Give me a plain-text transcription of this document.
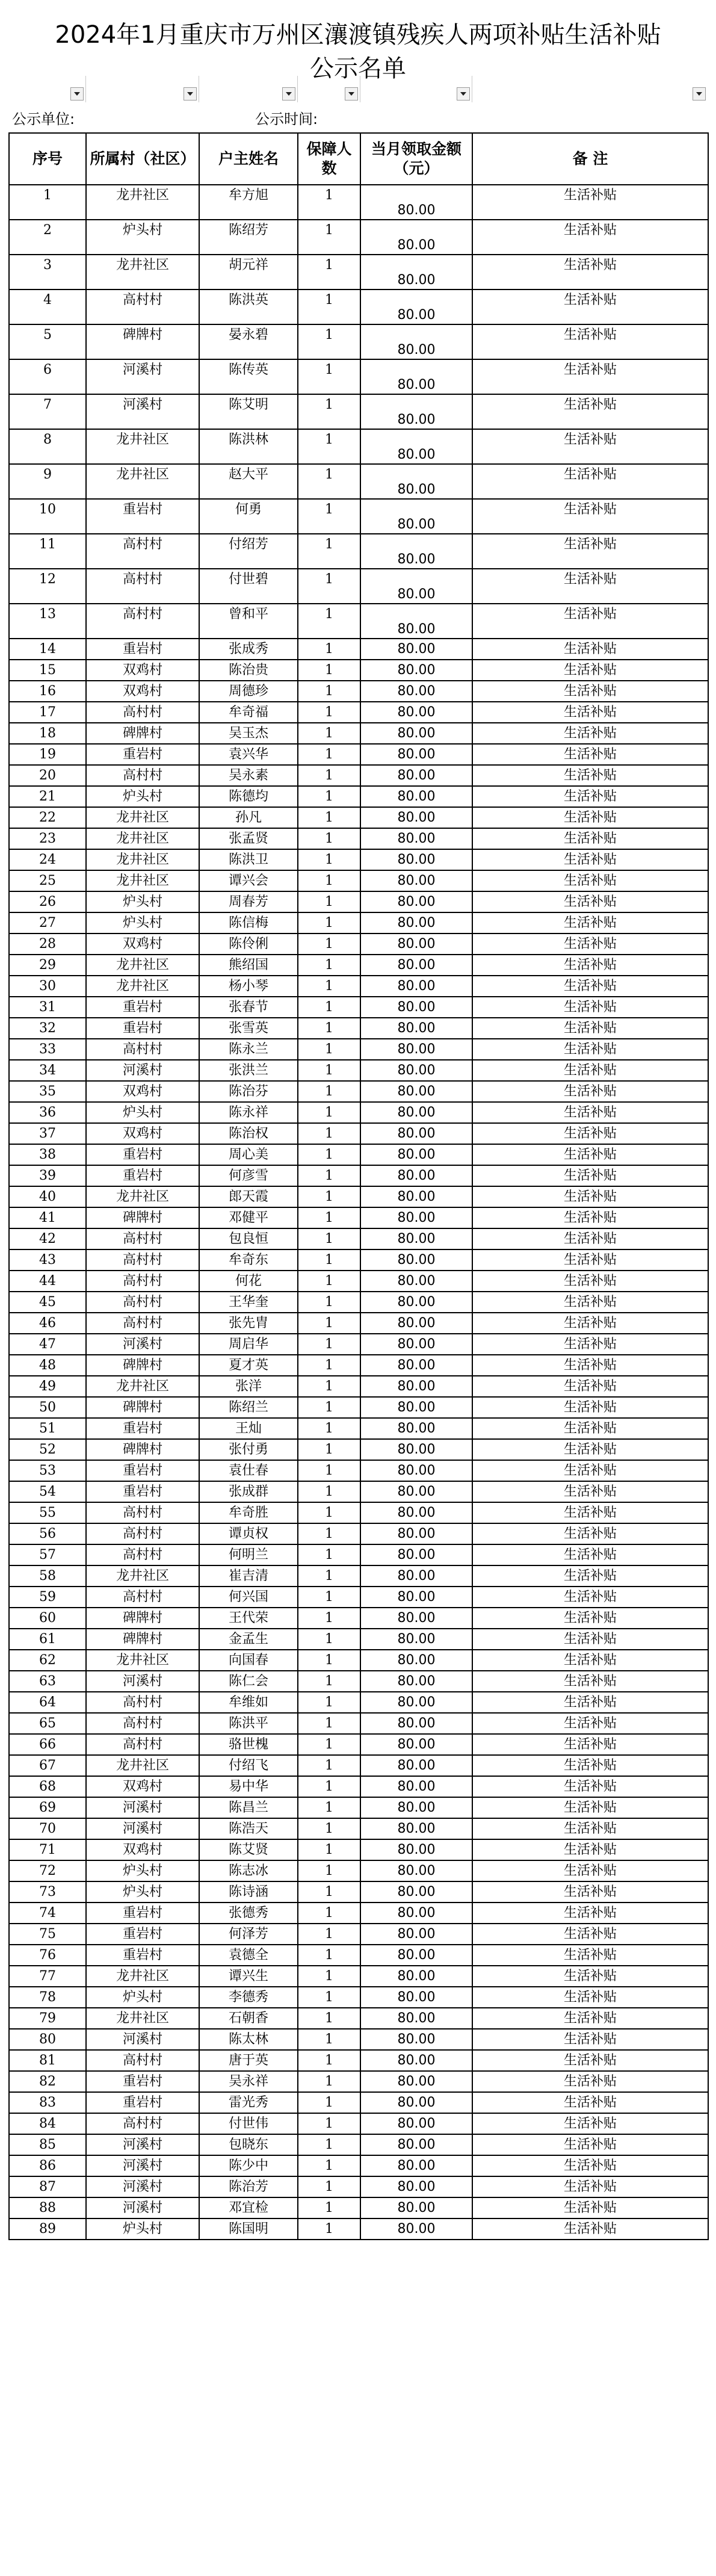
2024年1月重庆市万州区瀼渡镇残疾人两项补贴生活补贴
公示名单
公示单位:	公示时间:
序号	所属村（社区）	户主姓名	保障人数	当月领取金额（元）	备 注
1	龙井社区	牟方旭	1	80.00	生活补贴
2	炉头村	陈绍芳	1	80.00	生活补贴
3	龙井社区	胡元祥	1	80.00	生活补贴
4	高村村	陈洪英	1	80.00	生活补贴
5	碑牌村	晏永碧	1	80.00	生活补贴
6	河溪村	陈传英	1	80.00	生活补贴
7	河溪村	陈艾明	1	80.00	生活补贴
8	龙井社区	陈洪林	1	80.00	生活补贴
9	龙井社区	赵大平	1	80.00	生活补贴
10	重岩村	何勇	1	80.00	生活补贴
11	高村村	付绍芳	1	80.00	生活补贴
12	高村村	付世碧	1	80.00	生活补贴
13	高村村	曾和平	1	80.00	生活补贴
14	重岩村	张成秀	1	80.00	生活补贴
15	双鸡村	陈治贵	1	80.00	生活补贴
16	双鸡村	周德珍	1	80.00	生活补贴
17	高村村	牟奇福	1	80.00	生活补贴
18	碑牌村	吴玉杰	1	80.00	生活补贴
19	重岩村	袁兴华	1	80.00	生活补贴
20	高村村	吴永素	1	80.00	生活补贴
21	炉头村	陈德均	1	80.00	生活补贴
22	龙井社区	孙凡	1	80.00	生活补贴
23	龙井社区	张孟贤	1	80.00	生活补贴
24	龙井社区	陈洪卫	1	80.00	生活补贴
25	龙井社区	谭兴会	1	80.00	生活补贴
26	炉头村	周春芳	1	80.00	生活补贴
27	炉头村	陈信梅	1	80.00	生活补贴
28	双鸡村	陈伶俐	1	80.00	生活补贴
29	龙井社区	熊绍国	1	80.00	生活补贴
30	龙井社区	杨小琴	1	80.00	生活补贴
31	重岩村	张春节	1	80.00	生活补贴
32	重岩村	张雪英	1	80.00	生活补贴
33	高村村	陈永兰	1	80.00	生活补贴
34	河溪村	张洪兰	1	80.00	生活补贴
35	双鸡村	陈治芬	1	80.00	生活补贴
36	炉头村	陈永祥	1	80.00	生活补贴
37	双鸡村	陈治权	1	80.00	生活补贴
38	重岩村	周心美	1	80.00	生活补贴
39	重岩村	何彦雪	1	80.00	生活补贴
40	龙井社区	郎天霞	1	80.00	生活补贴
41	碑牌村	邓健平	1	80.00	生活补贴
42	高村村	包良恒	1	80.00	生活补贴
43	高村村	牟奇东	1	80.00	生活补贴
44	高村村	何花	1	80.00	生活补贴
45	高村村	王华奎	1	80.00	生活补贴
46	高村村	张先胄	1	80.00	生活补贴
47	河溪村	周启华	1	80.00	生活补贴
48	碑牌村	夏才英	1	80.00	生活补贴
49	龙井社区	张洋	1	80.00	生活补贴
50	碑牌村	陈绍兰	1	80.00	生活补贴
51	重岩村	王灿	1	80.00	生活补贴
52	碑牌村	张付勇	1	80.00	生活补贴
53	重岩村	袁仕春	1	80.00	生活补贴
54	重岩村	张成群	1	80.00	生活补贴
55	高村村	牟奇胜	1	80.00	生活补贴
56	高村村	谭贞权	1	80.00	生活补贴
57	高村村	何明兰	1	80.00	生活补贴
58	龙井社区	崔吉清	1	80.00	生活补贴
59	高村村	何兴国	1	80.00	生活补贴
60	碑牌村	王代荣	1	80.00	生活补贴
61	碑牌村	金孟生	1	80.00	生活补贴
62	龙井社区	向国春	1	80.00	生活补贴
63	河溪村	陈仁会	1	80.00	生活补贴
64	高村村	牟维如	1	80.00	生活补贴
65	高村村	陈洪平	1	80.00	生活补贴
66	高村村	骆世槐	1	80.00	生活补贴
67	龙井社区	付绍飞	1	80.00	生活补贴
68	双鸡村	易中华	1	80.00	生活补贴
69	河溪村	陈昌兰	1	80.00	生活补贴
70	河溪村	陈浩天	1	80.00	生活补贴
71	双鸡村	陈艾贤	1	80.00	生活补贴
72	炉头村	陈志冰	1	80.00	生活补贴
73	炉头村	陈诗涵	1	80.00	生活补贴
74	重岩村	张德秀	1	80.00	生活补贴
75	重岩村	何泽芳	1	80.00	生活补贴
76	重岩村	袁德全	1	80.00	生活补贴
77	龙井社区	谭兴生	1	80.00	生活补贴
78	炉头村	李德秀	1	80.00	生活补贴
79	龙井社区	石朝香	1	80.00	生活补贴
80	河溪村	陈太林	1	80.00	生活补贴
81	高村村	唐于英	1	80.00	生活补贴
82	重岩村	吴永祥	1	80.00	生活补贴
83	重岩村	雷光秀	1	80.00	生活补贴
84	高村村	付世伟	1	80.00	生活补贴
85	河溪村	包晓东	1	80.00	生活补贴
86	河溪村	陈少中	1	80.00	生活补贴
87	河溪村	陈治芳	1	80.00	生活补贴
88	河溪村	邓宜检	1	80.00	生活补贴
89	炉头村	陈国明	1	80.00	生活补贴
